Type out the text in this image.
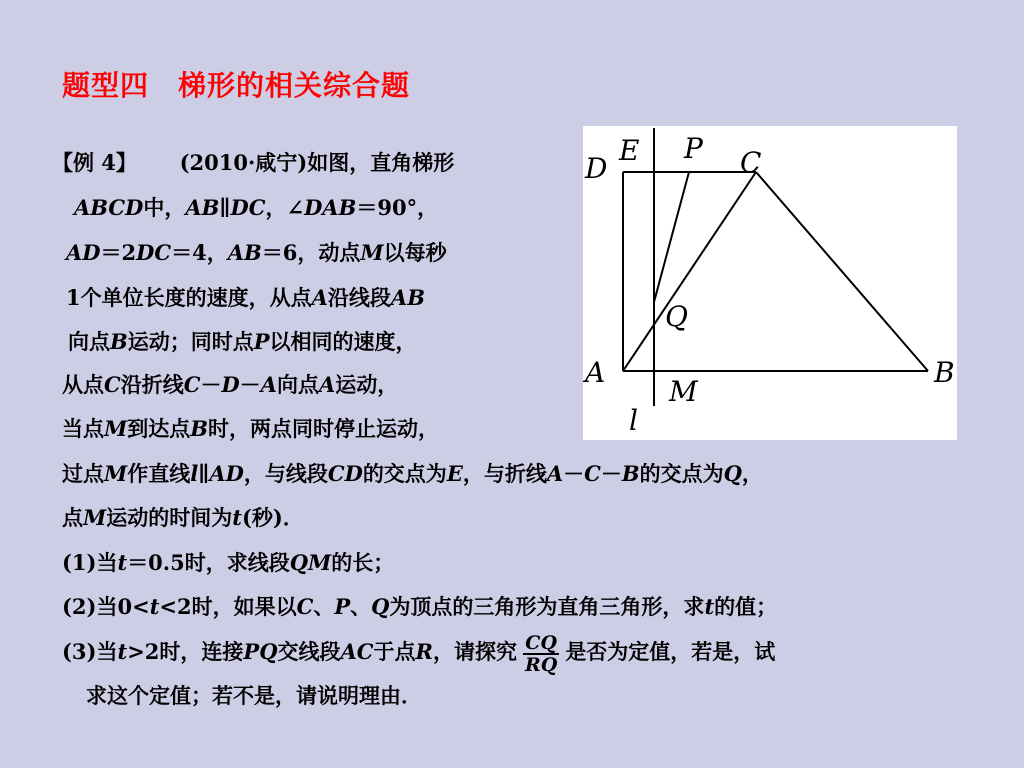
题型四　梯形的相关综合题
【例 4】 (2010·咸宁)如图，直角梯形
ABCD中，AB∥DC，∠DAB＝90°，
AD＝2DC＝4，AB＝6，动点M以每秒
1个单位长度的速度，从点A沿线段AB
向点B运动；同时点P以相同的速度，
从点C沿折线C－D－A向点A运动，
当点M到达点B时，两点同时停止运动，
过点M作直线l∥AD，与线段CD的交点为E，与折线A－C－B的交点为Q，
点M运动的时间为t(秒)．
(1)当t＝0.5时，求线段QM的长；
(2)当0<t<2时，如果以C、P、Q为顶点的三角形为直角三角形，求t的值；
(3)当t>2时，连接PQ交线段AC于点R，请探究 $\frac{CQ}{RQ}$ 是否为定值，若是，试
求这个定值；若不是，请说明理由．
D
E P C
Q
A
M
B
l
